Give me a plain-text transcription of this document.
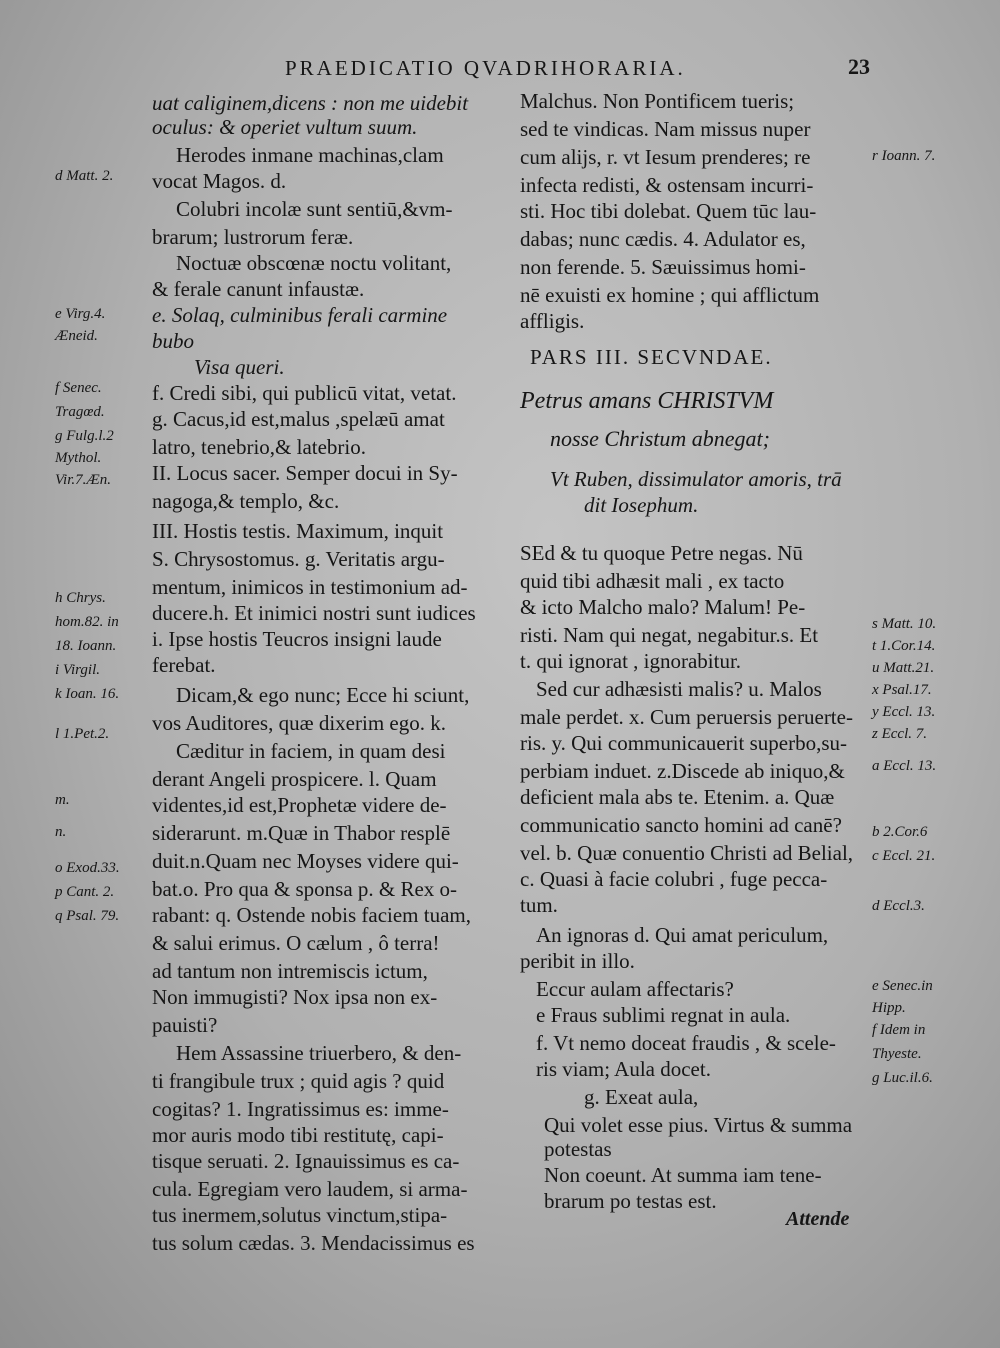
PRAEDICATIO QVADRIHORARIA.	23
d Matt. 2.
e Virg.4.
Æneid.
f Senec.
Tragœd.
g Fulg.l.2
Mythol.
Vir.7.Æn.
h Chrys.
hom.82. in
18. Ioann.
i Virgil.
k Ioan. 16.
l 1.Pet.2.
m.
n.
o Exod.33.
p Cant. 2.
q Psal. 79.
uat caliginem,dicens : non me uidebit
oculus: & operiet vultum suum.
Herodes inmane machinas,clam
vocat Magos. d.
Colubri incolæ sunt sentiū,&vm-
brarum; lustrorum feræ.
Noctuæ obscœnæ noctu volitant,
& ferale canunt infaustæ.
e. Solaq, culminibus ferali carmine
bubo
Visa queri.
f. Credi sibi, qui publicū vitat, vetat.
g. Cacus,id est,malus ,spelæū amat
latro, tenebrio,& latebrio.
II. Locus sacer. Semper docui in Sy-
nagoga,& templo, &c.
III. Hostis testis. Maximum, inquit
S. Chrysostomus. g. Veritatis argu-
mentum, inimicos in testimonium ad-
ducere.h. Et inimici nostri sunt iudices
i. Ipse hostis Teucros insigni laude
ferebat.
Dicam,& ego nunc; Ecce hi sciunt,
vos Auditores, quæ dixerim ego. k.
Cæditur in faciem, in quam desi
derant Angeli prospicere. l. Quam
videntes,id est,Prophetæ videre de-
siderarunt. m.Quæ in Thabor resplē
duit.n.Quam nec Moyses videre qui-
bat.o. Pro qua & sponsa p. & Rex o-
rabant: q. Ostende nobis faciem tuam,
& salui erimus. O cælum , ô terra!
ad tantum non intremiscis ictum,
Non immugisti? Nox ipsa non ex-
pauisti?
Hem Assassine triuerbero, & den-
ti frangibule trux ; quid agis ? quid
cogitas? 1. Ingratissimus es: imme-
mor auris modo tibi restitutę, capi-
tisque seruati. 2. Ignauissimus es ca-
cula. Egregiam vero laudem, si arma-
tus inermem,solutus vinctum,stipa-
tus solum cædas. 3. Mendacissimus es
Malchus. Non Pontificem tueris;
sed te vindicas. Nam missus nuper
cum alijs, r. vt Iesum prenderes; re
infecta redisti, & ostensam incurri-
sti. Hoc tibi dolebat. Quem tūc lau-
dabas; nunc cædis. 4. Adulator es,
non ferende. 5. Sæuissimus homi-
nē exuisti ex homine ; qui afflictum
affligis.
PARS III. SECVNDAE.
Petrus amans CHRISTVM
nosse Christum abnegat;
Vt Ruben, dissimulator amoris, trā
dit Iosephum.
SEd & tu quoque Petre negas. Nū
quid tibi adhæsit mali , ex tacto
& icto Malcho malo? Malum! Pe-
risti. Nam qui negat, negabitur.s. Et
t. qui ignorat , ignorabitur.
Sed cur adhæsisti malis? u. Malos
male perdet. x. Cum peruersis peruerte-
ris. y. Qui communicauerit superbo,su-
perbiam induet. z.Discede ab iniquo,&
deficient mala abs te. Etenim. a. Quæ
communicatio sancto homini ad canē?
vel. b. Quæ conuentio Christi ad Belial,
c. Quasi à facie colubri , fuge pecca-
tum.
An ignoras d. Qui amat periculum,
peribit in illo.
Eccur aulam affectaris?
e Fraus sublimi regnat in aula.
f. Vt nemo doceat fraudis , & scele-
ris viam; Aula docet.
g. Exeat aula,
Qui volet esse pius. Virtus & summa
potestas
Non coeunt. At summa iam tene-
brarum po testas est.
r Ioann. 7.
s Matt. 10.
t 1.Cor.14.
u Matt.21.
x Psal.17.
y Eccl. 13.
z Eccl. 7.
a Eccl. 13.
b 2.Cor.6
c Eccl. 21.
d Eccl.3.
e Senec.in
Hipp.
f Idem in
Thyeste.
g Luc.il.6.
Attende
